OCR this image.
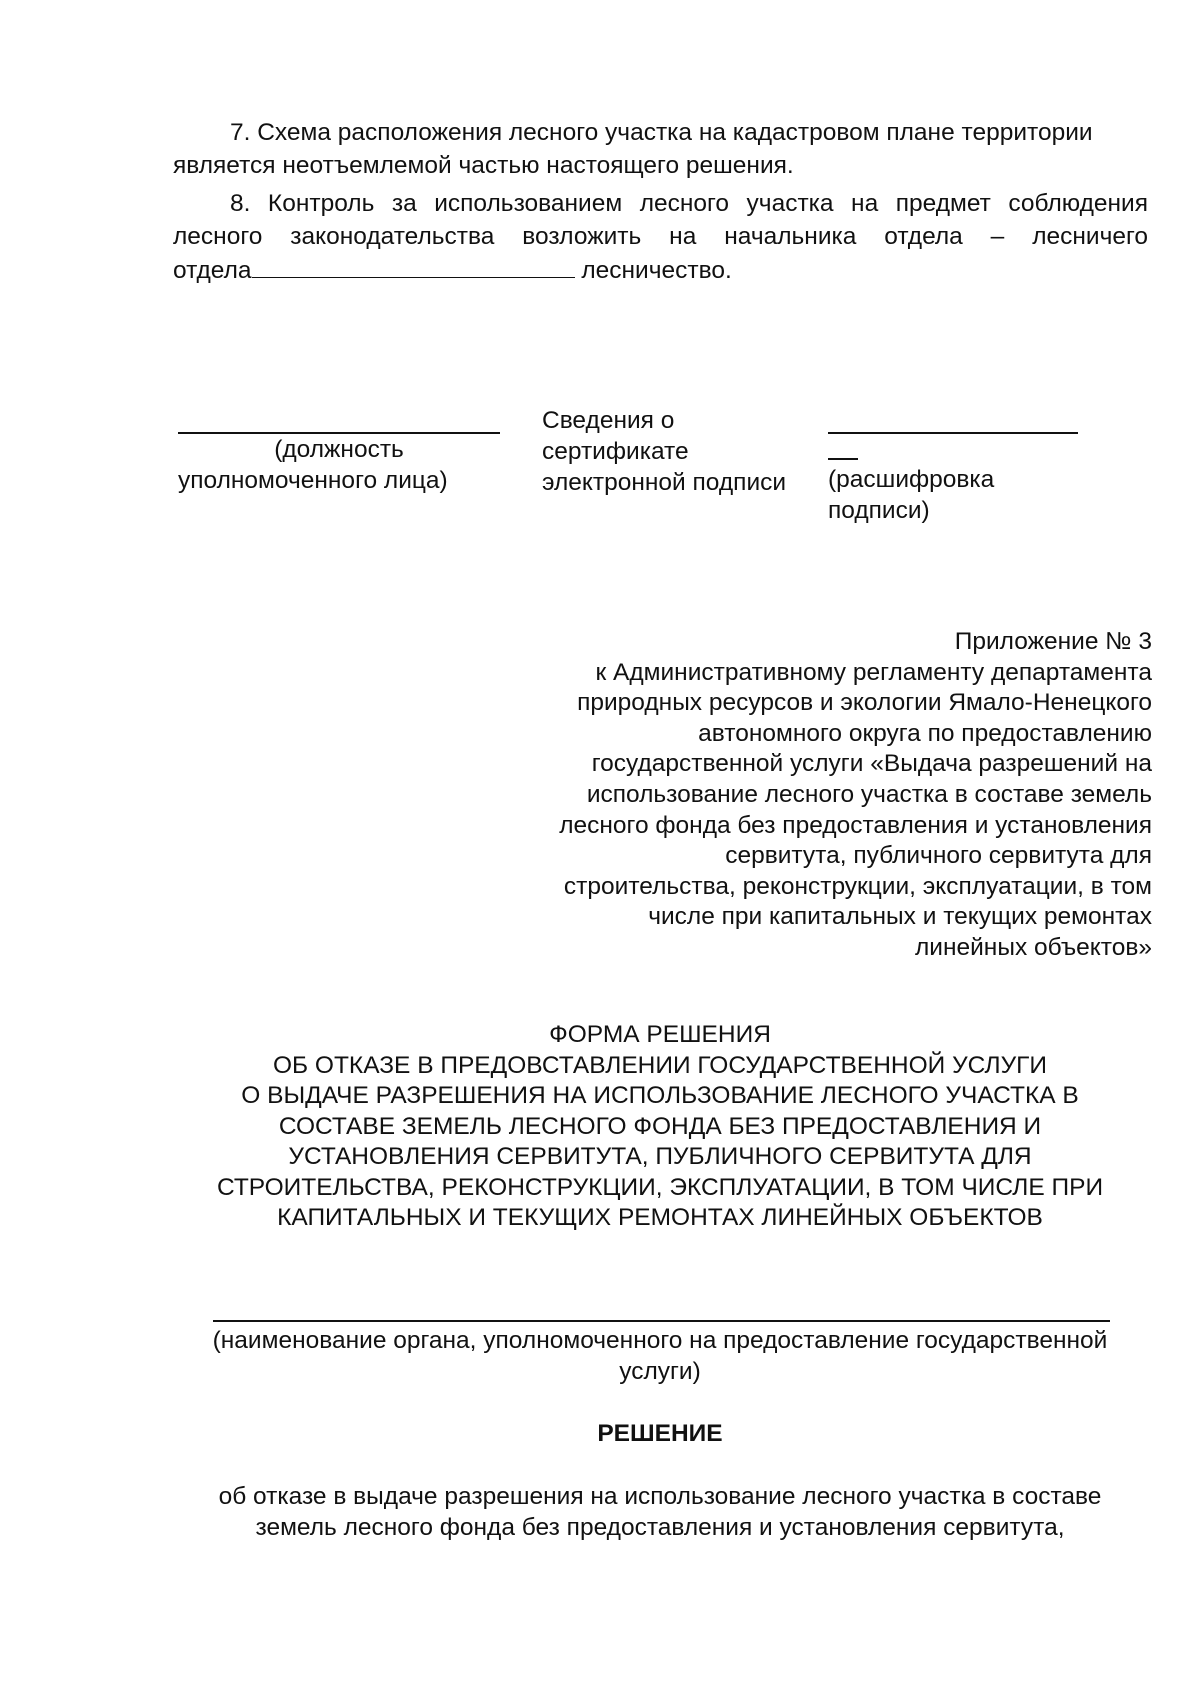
7. Схема расположения лесного участка на кадастровом плане территории
является неотъемлемой частью настоящего решения.

8. Контроль за использованием лесного участка на предмет соблюдения лесного законодательства возложить на начальника отдела – лесничего

отдела	лесничество.
(должность
уполномоченного лица)
Сведения о
сертификате
электронной подписи	(расшифровка
подписи)
Приложение № 3
к Административному регламенту департамента
природных ресурсов и экологии Ямало-Ненецкого
автономного округа по предоставлению
государственной услуги «Выдача разрешений на
использование лесного участка в составе земель
лесного фонда без предоставления и установления
сервитута, публичного сервитута для
строительства, реконструкции, эксплуатации, в том
числе при капитальных и текущих ремонтах
линейных объектов»
ФОРМА РЕШЕНИЯ
ОБ ОТКАЗЕ В ПРЕДОВСТАВЛЕНИИ ГОСУДАРСТВЕННОЙ УСЛУГИ
О ВЫДАЧЕ РАЗРЕШЕНИЯ НА ИСПОЛЬЗОВАНИЕ ЛЕСНОГО УЧАСТКА В
СОСТАВЕ ЗЕМЕЛЬ ЛЕСНОГО ФОНДА БЕЗ ПРЕДОСТАВЛЕНИЯ И
УСТАНОВЛЕНИЯ СЕРВИТУТА, ПУБЛИЧНОГО СЕРВИТУТА ДЛЯ
СТРОИТЕЛЬСТВА, РЕКОНСТРУКЦИИ, ЭКСПЛУАТАЦИИ, В ТОМ ЧИСЛЕ ПРИ
КАПИТАЛЬНЫХ И ТЕКУЩИХ РЕМОНТАХ ЛИНЕЙНЫХ ОБЪЕКТОВ
(наименование органа, уполномоченного на предоставление государственной
услуги)
РЕШЕНИЕ
об отказе в выдаче разрешения на использование лесного участка в составе
земель лесного фонда без предоставления и установления сервитута,
